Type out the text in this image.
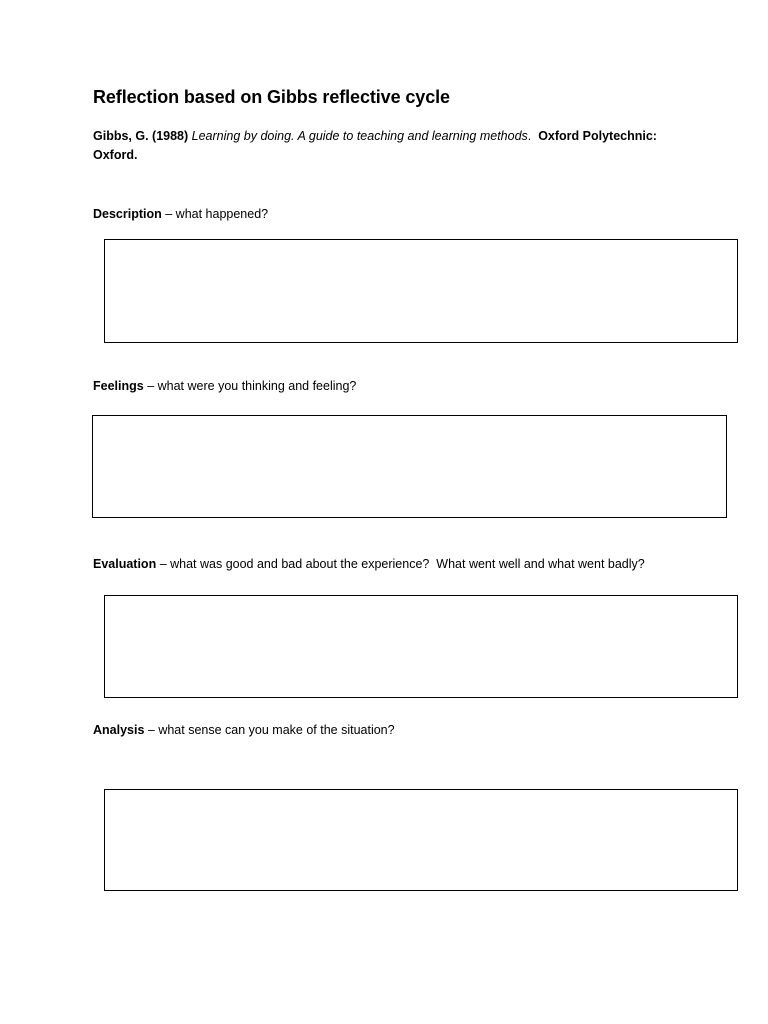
Reflection based on Gibbs reflective cycle
Gibbs, G. (1988) Learning by doing. A guide to teaching and learning methods.  Oxford Polytechnic:
Oxford.
Description – what happened?
Feelings – what were you thinking and feeling?
Evaluation – what was good and bad about the experience?  What went well and what went badly?
Analysis – what sense can you make of the situation?
